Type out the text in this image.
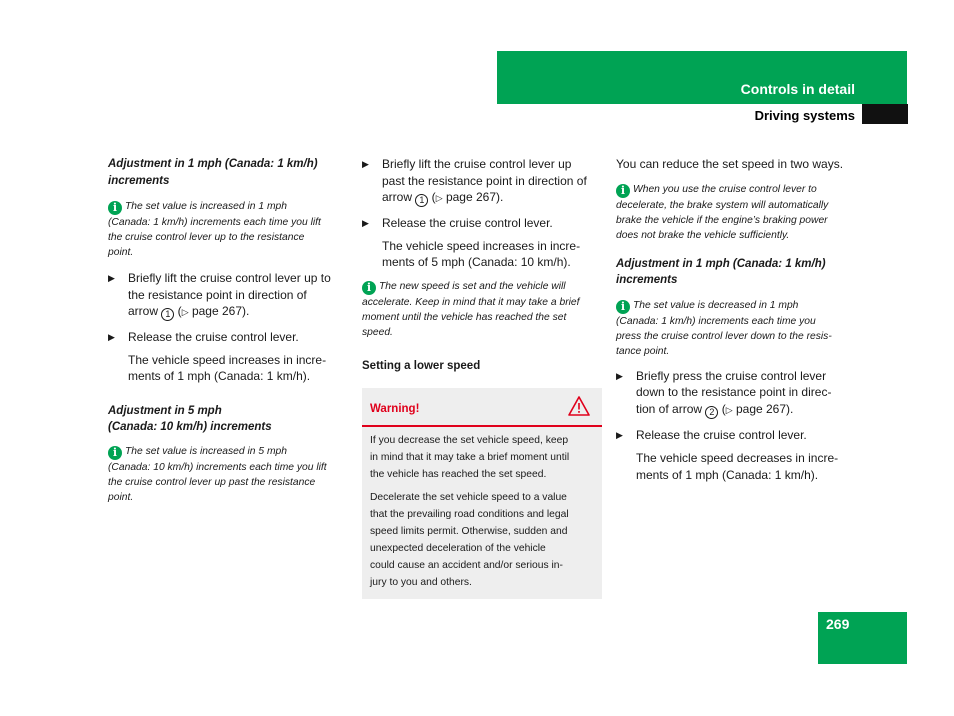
Controls in detail
Driving systems
Adjustment in 1 mph (Canada: 1 km/h)
increments
i The set value is increased in 1 mph
(Canada: 1 km/h) increments each time you lift
the cruise control lever up to the resistance
point.
▶ Briefly lift the cruise control lever up to
the resistance point in direction of
arrow 1 (▷ page 267).
▶ Release the cruise control lever.
The vehicle speed increases in incre-
ments of 1 mph (Canada: 1 km/h).
Adjustment in 5 mph
(Canada: 10 km/h) increments
i The set value is increased in 5 mph
(Canada: 10 km/h) increments each time you lift
the cruise control lever up past the resistance
point.
▶ Briefly lift the cruise control lever up
past the resistance point in direction of
arrow 1 (▷ page 267).
▶ Release the cruise control lever.
The vehicle speed increases in incre-
ments of 5 mph (Canada: 10 km/h).
i The new speed is set and the vehicle will
accelerate. Keep in mind that it may take a brief
moment until the vehicle has reached the set
speed.
Setting a lower speed
Warning!
If you decrease the set vehicle speed, keep
in mind that it may take a brief moment until
the vehicle has reached the set speed.
Decelerate the set vehicle speed to a value
that the prevailing road conditions and legal
speed limits permit. Otherwise, sudden and
unexpected deceleration of the vehicle
could cause an accident and/or serious in-
jury to you and others.
You can reduce the set speed in two ways.
i When you use the cruise control lever to
decelerate, the brake system will automatically
brake the vehicle if the engine’s braking power
does not brake the vehicle sufficiently.
Adjustment in 1 mph (Canada: 1 km/h)
increments
i The set value is decreased in 1 mph
(Canada: 1 km/h) increments each time you
press the cruise control lever down to the resis-
tance point.
▶ Briefly press the cruise control lever
down to the resistance point in direc-
tion of arrow 2 (▷ page 267).
▶ Release the cruise control lever.
The vehicle speed decreases in incre-
ments of 1 mph (Canada: 1 km/h).
269
